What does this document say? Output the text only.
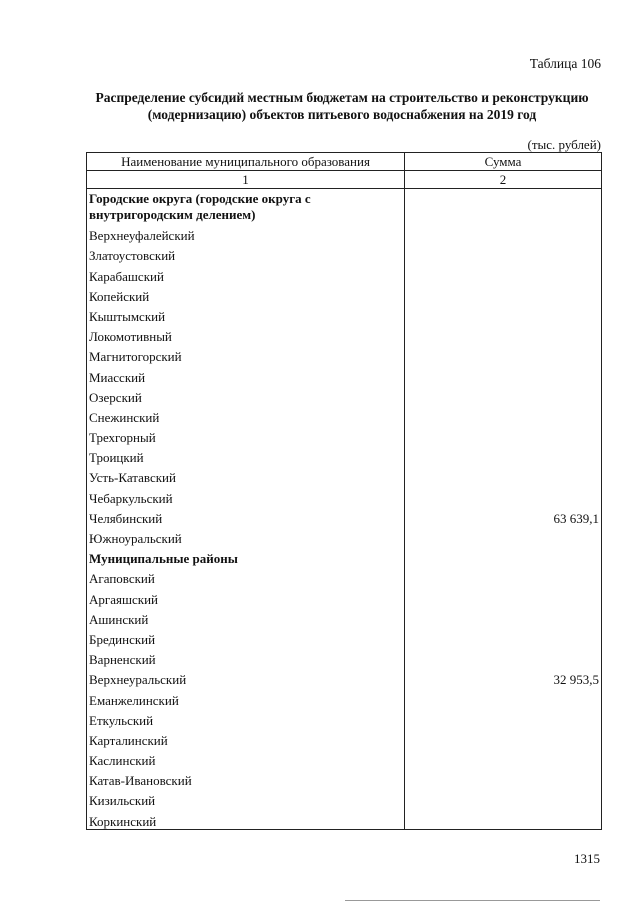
Таблица 106
Распределение субсидий местным бюджетам на строительство и реконструкцию (модернизацию) объектов питьевого водоснабжения на 2019 год
(тыс. рублей)
Наименование муниципального образования	Сумма
1	2
Городские округа (городские округа с внутригородским делением)	
Верхнеуфалейский	
Златоустовский	
Карабашский	
Копейский	
Кыштымский	
Локомотивный	
Магнитогорский	
Миасский	
Озерский	
Снежинский	
Трехгорный	
Троицкий	
Усть-Катавский	
Чебаркульский	
Челябинский	63 639,1
Южноуральский	
Муниципальные районы	
Агаповский	
Аргаяшский	
Ашинский	
Брединский	
Варненский	
Верхнеуральский	32 953,5
Еманжелинский	
Еткульский	
Карталинский	
Каслинский	
Катав-Ивановский	
Кизильский	
Коркинский	
1315
